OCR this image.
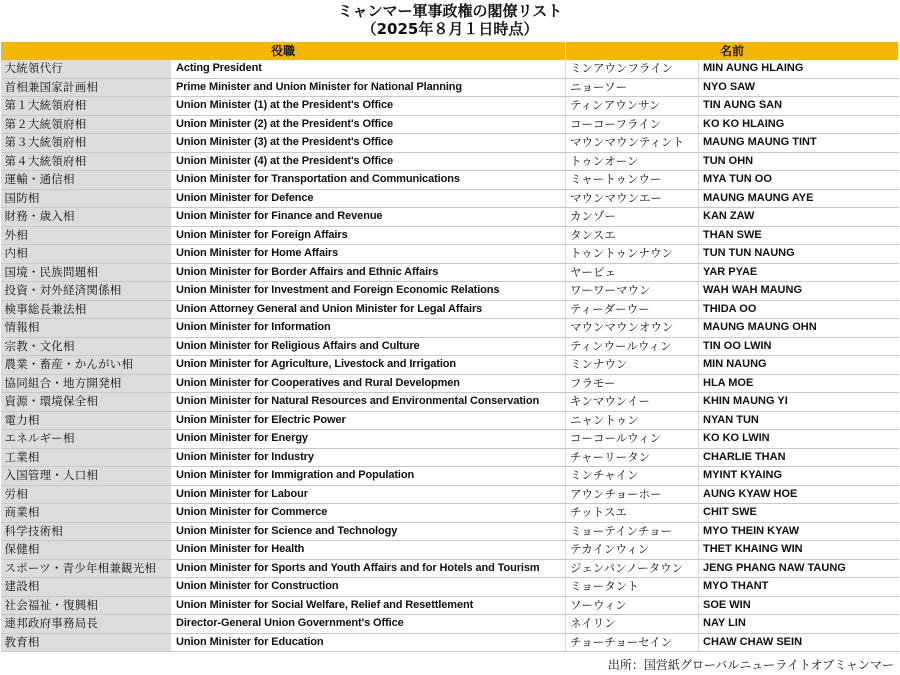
ミャンマー軍事政権の閣僚リスト
（2025年８月１日時点）
役職		名前	
大統領代行	Acting President	ミンアウンフライン	MIN AUNG HLAING
首相兼国家計画相	Prime Minister and Union Minister for National Planning	ニョーソー	NYO SAW
第１大統領府相	Union Minister (1) at the President's Office	ティンアウンサン	TIN AUNG SAN
第２大統領府相	Union Minister (2) at the President's Office	コーコーフライン	KO KO HLAING
第３大統領府相	Union Minister (3) at the President's Office	マウンマウンティント	MAUNG MAUNG TINT
第４大統領府相	Union Minister (4) at the President's Office	トゥンオーン	TUN OHN
運輸・通信相	Union Minister for Transportation and Communications	ミャートゥンウー	MYA TUN OO
国防相	Union Minister for Defence	マウンマウンエー	MAUNG MAUNG AYE
財務・歳入相	Union Minister for Finance and Revenue	カンゾー	KAN ZAW
外相	Union Minister for Foreign Affairs	タンスエ	THAN SWE
内相	Union Minister for Home Affairs	トゥントゥンナウン	TUN TUN NAUNG
国境・民族問題相	Union Minister for Border Affairs and Ethnic Affairs	ヤーピェ	YAR PYAE
投資・対外経済関係相	Union Minister for Investment and Foreign Economic Relations	ワーワーマウン	WAH WAH MAUNG
検事総長兼法相	Union Attorney General and Union Minister for Legal Affairs	ティーダーウー	THIDA OO
情報相	Union Minister for Information	マウンマウンオウン	MAUNG MAUNG OHN
宗教・文化相	Union Minister for Religious Affairs and Culture	ティンウールウィン	TIN OO LWIN
農業・畜産・かんがい相	Union Minister for Agriculture, Livestock and Irrigation	ミンナウン	MIN NAUNG
協同組合・地方開発相	Union Minister for Cooperatives and Rural Developmen	フラモー	HLA MOE
資源・環境保全相	Union Minister for Natural Resources and Environmental Conservation	キンマウンイー	KHIN MAUNG YI
電力相	Union Minister for Electric Power	ニャントゥン	NYAN TUN
エネルギー相	Union Minister for Energy	コーコールウィン	KO KO LWIN
工業相	Union Minister for Industry	チャーリータン	CHARLIE THAN
入国管理・人口相	Union Minister for Immigration and Population	ミンチャイン	MYINT KYAING
労相	Union Minister for Labour	アウンチョーホー	AUNG KYAW HOE
商業相	Union Minister for Commerce	チットスエ	CHIT SWE
科学技術相	Union Minister for Science and Technology	ミョーテインチョー	MYO THEIN KYAW
保健相	Union Minister for Health	テカインウィン	THET KHAING WIN
スポーツ・青少年相兼観光相	Union Minister for Sports and Youth Affairs and for Hotels and Tourism	ジェンパンノータウン	JENG PHANG NAW TAUNG
建設相	Union Minister for Construction	ミョータント	MYO THANT
社会福祉・復興相	Union Minister for Social Welfare, Relief and Resettlement	ソーウィン	SOE WIN
連邦政府事務局長	Director-General Union Government's Office	ネイリン	NAY LIN
教育相	Union Minister for Education	チョーチョーセイン	CHAW CHAW SEIN
出所：国営紙グローバルニューライトオブミャンマー
